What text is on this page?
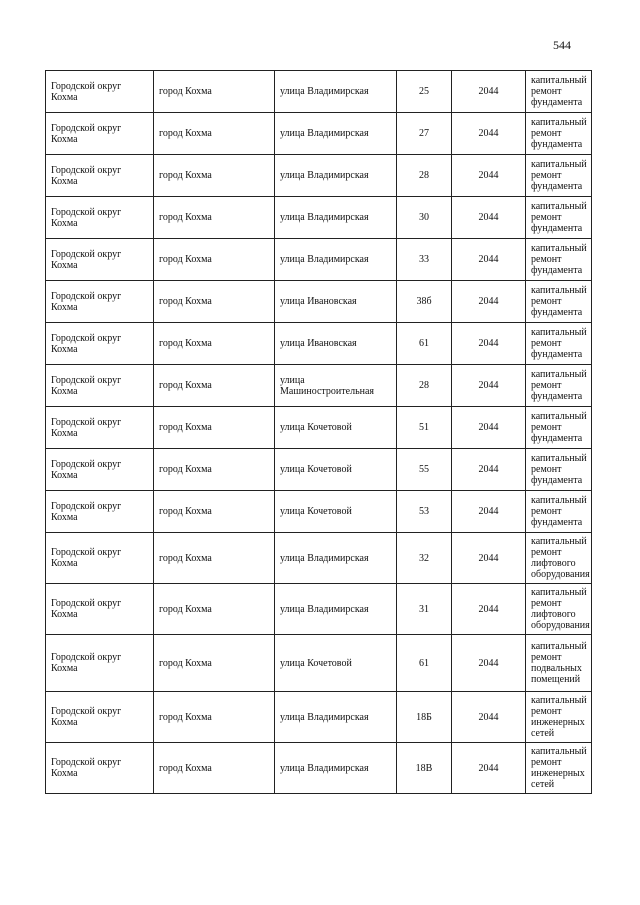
544
Городской округ Кохма	город Кохма	улица Владимирская	25	2044	капитальный ремонт фундамента
Городской округ Кохма	город Кохма	улица Владимирская	27	2044	капитальный ремонт фундамента
Городской округ Кохма	город Кохма	улица Владимирская	28	2044	капитальный ремонт фундамента
Городской округ Кохма	город Кохма	улица Владимирская	30	2044	капитальный ремонт фундамента
Городской округ Кохма	город Кохма	улица Владимирская	33	2044	капитальный ремонт фундамента
Городской округ Кохма	город Кохма	улица Ивановская	38б	2044	капитальный ремонт фундамента
Городской округ Кохма	город Кохма	улица Ивановская	61	2044	капитальный ремонт фундамента
Городской округ Кохма	город Кохма	улица Машиностроительная	28	2044	капитальный ремонт фундамента
Городской округ Кохма	город Кохма	улица Кочетовой	51	2044	капитальный ремонт фундамента
Городской округ Кохма	город Кохма	улица Кочетовой	55	2044	капитальный ремонт фундамента
Городской округ Кохма	город Кохма	улица Кочетовой	53	2044	капитальный ремонт фундамента
Городской округ Кохма	город Кохма	улица Владимирская	32	2044	капитальный ремонт лифтового оборудования
Городской округ Кохма	город Кохма	улица Владимирская	31	2044	капитальный ремонт лифтового оборудования
Городской округ Кохма	город Кохма	улица Кочетовой	61	2044	капитальный ремонт подвальных помещений
Городской округ Кохма	город Кохма	улица Владимирская	18Б	2044	капитальный ремонт инженерных сетей
Городской округ Кохма	город Кохма	улица Владимирская	18В	2044	капитальный ремонт инженерных сетей
